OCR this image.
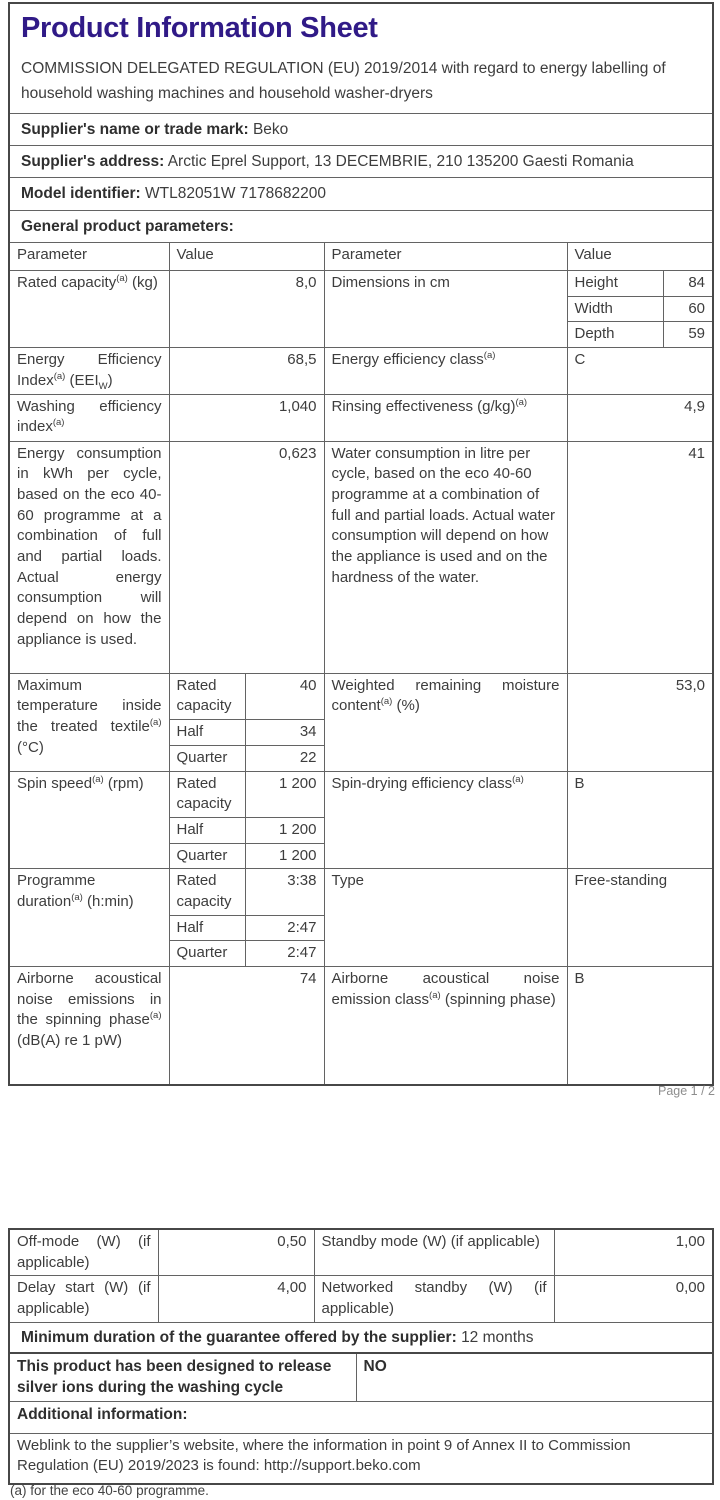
Product Information Sheet

COMMISSION DELEGATED REGULATION (EU) 2019/2014 with regard to energy labelling of household washing machines and household washer-dryers

Supplier's name or trade mark: Beko					
Supplier's address: Arctic Eprel Support, 13 DECEMBRIE, 210 135200 Gaesti Romania					
Model identifier: WTL82051W 7178682200					
General product parameters:					
Parameter	Value		Parameter	Value	
Rated capacity$^{(a)}$ (kg)	8,0		Dimensions in cm	Height	84
				Width	60
				Depth	59
Energy Efficiency Index$^{(a)}$ $(EEI_W)$	68,5		Energy efficiency class$^{(a)}$	C	
Washing efficiency index$^{(a)}$	1,040		Rinsing effectiveness $(g/kg)^{(a)}$	4,9	
Energy consumption in kWh per cycle, based on the eco 40-60 programme at a combination of full and partial loads. Actual energy consumption will depend on how the appliance is used.	0,623		Water consumption in litre per cycle, based on the eco 40-60 programme at a combination of full and partial loads. Actual water consumption will depend on how the appliance is used and on the hardness of the water.	41	
Maximum temperature inside the treated textile$^{(a)}$ (°C)	Rated capacity	40	Weighted remaining moisture content$^{(a)}$ (%)	53,0	
	Half	34			
	Quarter	22			
Spin speed$^{(a)}$ (rpm)	Rated capacity	1 200	Spin-drying efficiency class$^{(a)}$	B	
	Half	1 200			
	Quarter	1 200			
Programme duration$^{(a)}$ (h:min)	Rated capacity	3:38	Type	Free-standing	
	Half	2:47			
	Quarter	2:47			
Airborne acoustical noise emissions in the spinning phase$^{(a)}$ (dB(A) re 1 pW)	74		Airborne acoustical noise emission class$^{(a)}$ (spinning phase)	B	
Page 1 / 2
Off-mode (W) (if applicable)	0,50	Standby mode (W) (if applicable)	1,00
Delay start (W) (if applicable)	4,00	Networked standby (W) (if applicable)	0,00
Minimum duration of the guarantee offered by the supplier: 12 months			
This product has been designed to release silver ions during the washing cycle	NO
Additional information:
Weblink to the supplier’s website, where the information in point 9 of Annex II to Commission Regulation (EU) 2019/2023 is found: http://support.beko.com
(a) for the eco 40-60 programme.
